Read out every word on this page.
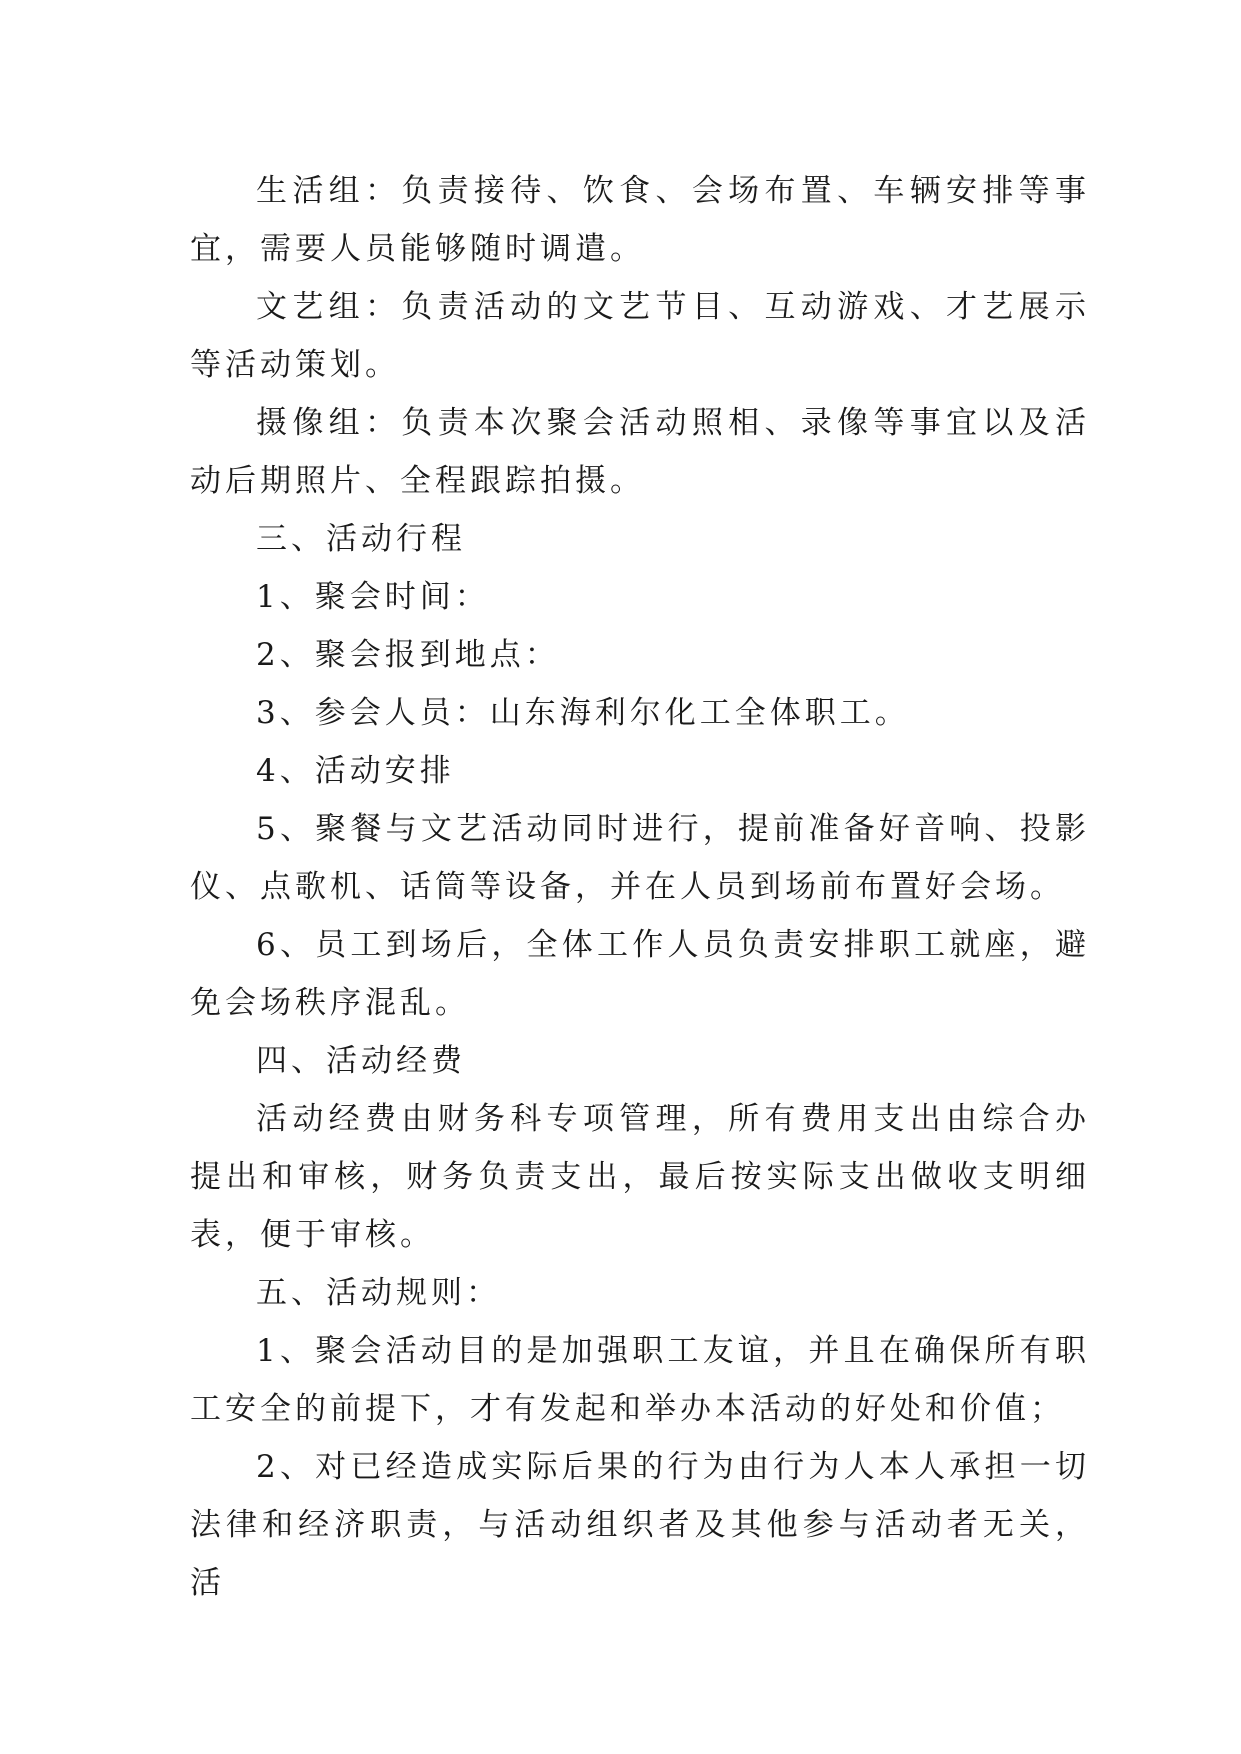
生活组：负责接待、饮食、会场布置、车辆安排等事宜，需要人员能够随时调遣。

文艺组：负责活动的文艺节目、互动游戏、才艺展示等活动策划。

摄像组：负责本次聚会活动照相、录像等事宜以及活动后期照片、全程跟踪拍摄。

三、活动行程

1、聚会时间：

2、聚会报到地点：

3、参会人员：山东海利尔化工全体职工。

4、活动安排

5、聚餐与文艺活动同时进行，提前准备好音响、投影仪、点歌机、话筒等设备，并在人员到场前布置好会场。

6、员工到场后，全体工作人员负责安排职工就座，避免会场秩序混乱。

四、活动经费

活动经费由财务科专项管理，所有费用支出由综合办提出和审核，财务负责支出，最后按实际支出做收支明细表，便于审核。

五、活动规则：

1、聚会活动目的是加强职工友谊，并且在确保所有职工安全的前提下，才有发起和举办本活动的好处和价值；

2、对已经造成实际后果的行为由行为人本人承担一切法律和经济职责，与活动组织者及其他参与活动者无关，活
